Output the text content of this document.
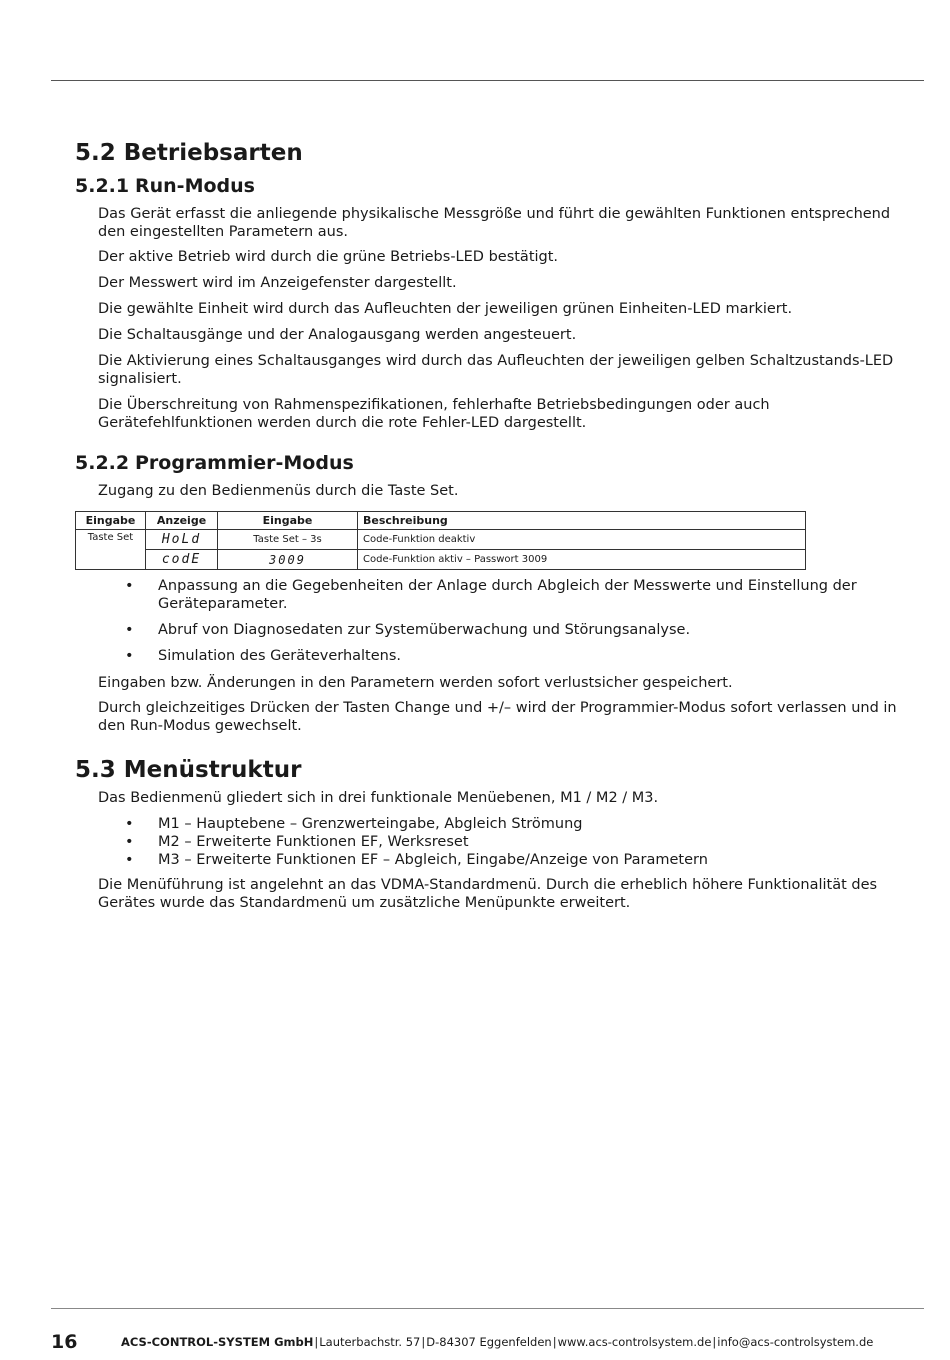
5.2 Betriebsarten
5.2.1 Run-Modus

Das Gerät erfasst die anliegende physikalische Messgröße und führt die gewählten Funktionen entsprechend den eingestellten Parametern aus.

Der aktive Betrieb wird durch die grüne Betriebs-LED bestätigt.

Der Messwert wird im Anzeigefenster dargestellt.

Die gewählte Einheit wird durch das Aufleuchten der jeweiligen grünen Einheiten-LED markiert.

Die Schaltausgänge und der Analogausgang werden angesteuert.

Die Aktivierung eines Schaltausganges wird durch das Aufleuchten der jeweiligen gelben Schaltzustands-LED signalisiert.

Die Überschreitung von Rahmenspezifikationen, fehlerhafte Betriebsbedingungen oder auch Gerätefehlfunktionen werden durch die rote Fehler-LED dargestellt.

5.2.2 Programmier-Modus

Zugang zu den Bedienmenüs durch die Taste Set.

Eingabe	Anzeige	Eingabe	Beschreibung
Taste Set	HoLd	Taste Set – 3s	Code-Funktion deaktiv
	codE	3009	Code-Funktion aktiv – Passwort 3009
• Anpassung an die Gegebenheiten der Anlage durch Abgleich der Messwerte und Einstellung der Geräteparameter.
• Abruf von Diagnosedaten zur Systemüberwachung und Störungsanalyse.
• Simulation des Geräteverhaltens.

Eingaben bzw. Änderungen in den Parametern werden sofort verlustsicher gespeichert.

Durch gleichzeitiges Drücken der Tasten Change und +/– wird der Programmier-Modus sofort verlassen und in den Run-Modus gewechselt.

5.3 Menüstruktur

Das Bedienmenü gliedert sich in drei funktionale Menüebenen, M1 / M2 / M3.

• M1 – Hauptebene – Grenzwerteingabe, Abgleich Strömung
• M2 – Erweiterte Funktionen EF, Werksreset
• M3 – Erweiterte Funktionen EF – Abgleich, Eingabe/Anzeige von Parametern

Die Menüführung ist angelehnt an das VDMA-Standardmenü. Durch die erheblich höhere Funktionalität des Gerätes wurde das Standardmenü um zusätzliche Menüpunkte erweitert.

16	ACS-CONTROL-SYSTEM GmbH|Lauterbachstr. 57|D-84307 Eggenfelden|www.acs-controlsystem.de|info@acs-controlsystem.de
